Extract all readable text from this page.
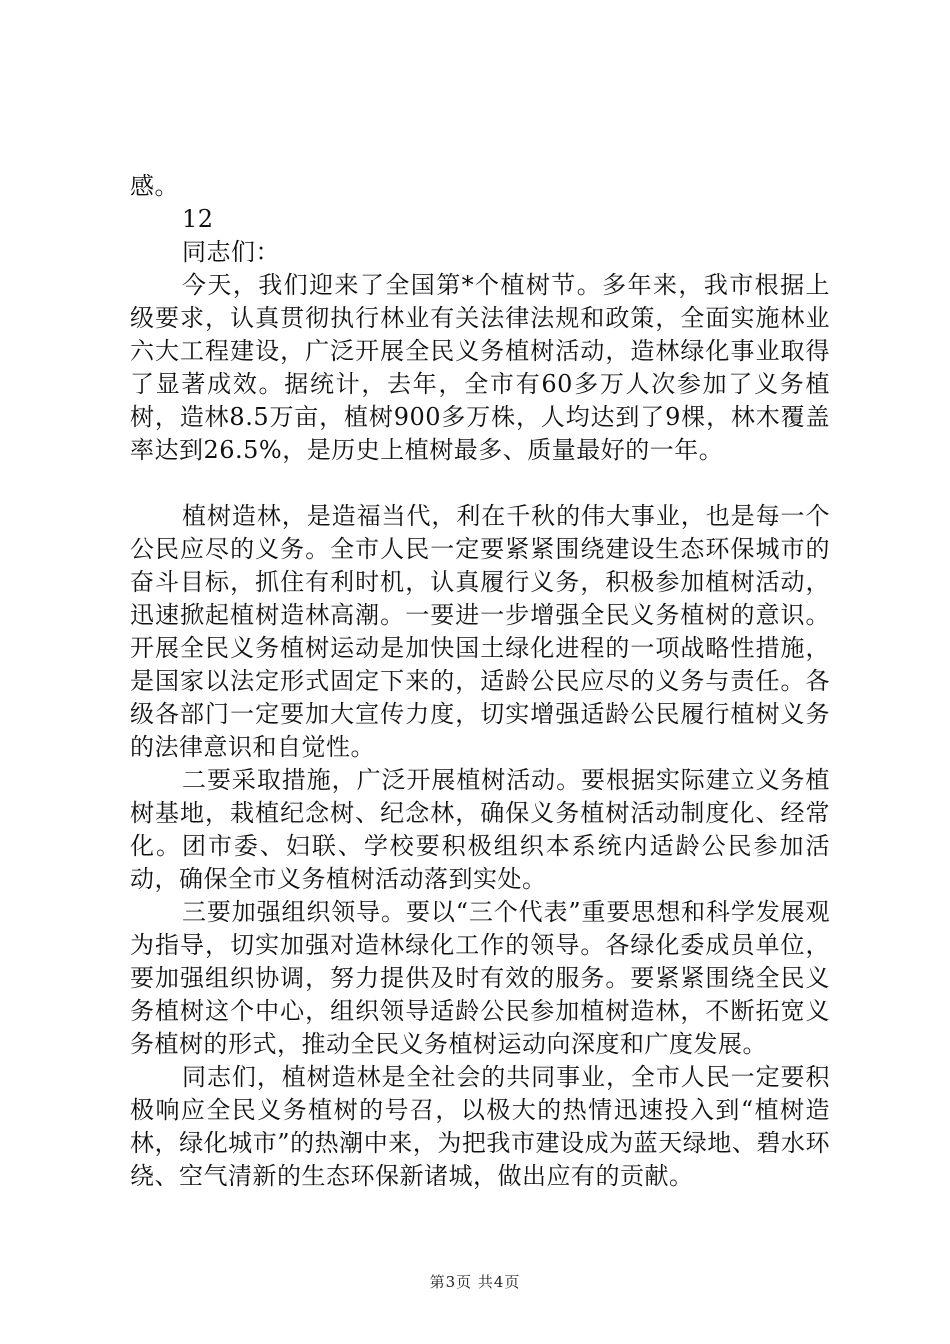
感。

12

同志们：

今天，我们迎来了全国第*个植树节。多年来，我市根据上级要求，认真贯彻执行林业有关法律法规和政策，全面实施林业六大工程建设，广泛开展全民义务植树活动，造林绿化事业取得了显著成效。据统计，去年，全市有60多万人次参加了义务植树，造林8.5万亩，植树900多万株，人均达到了9棵，林木覆盖率达到26.5%，是历史上植树最多、质量最好的一年。

植树造林，是造福当代，利在千秋的伟大事业，也是每一个公民应尽的义务。全市人民一定要紧紧围绕建设生态环保城市的奋斗目标，抓住有利时机，认真履行义务，积极参加植树活动，迅速掀起植树造林高潮。一要进一步增强全民义务植树的意识。开展全民义务植树运动是加快国土绿化进程的一项战略性措施，是国家以法定形式固定下来的，适龄公民应尽的义务与责任。各级各部门一定要加大宣传力度，切实增强适龄公民履行植树义务的法律意识和自觉性。

二要采取措施，广泛开展植树活动。要根据实际建立义务植树基地，栽植纪念树、纪念林，确保义务植树活动制度化、经常化。团市委、妇联、学校要积极组织本系统内适龄公民参加活动，确保全市义务植树活动落到实处。

三要加强组织领导。要以“三个代表”重要思想和科学发展观为指导，切实加强对造林绿化工作的领导。各绿化委成员单位，要加强组织协调，努力提供及时有效的服务。要紧紧围绕全民义务植树这个中心，组织领导适龄公民参加植树造林，不断拓宽义务植树的形式，推动全民义务植树运动向深度和广度发展。

同志们，植树造林是全社会的共同事业，全市人民一定要积极响应全民义务植树的号召，以极大的热情迅速投入到“植树造林，绿化城市”的热潮中来，为把我市建设成为蓝天绿地、碧水环绕、空气清新的生态环保新诸城，做出应有的贡献。

第3页 共4页
